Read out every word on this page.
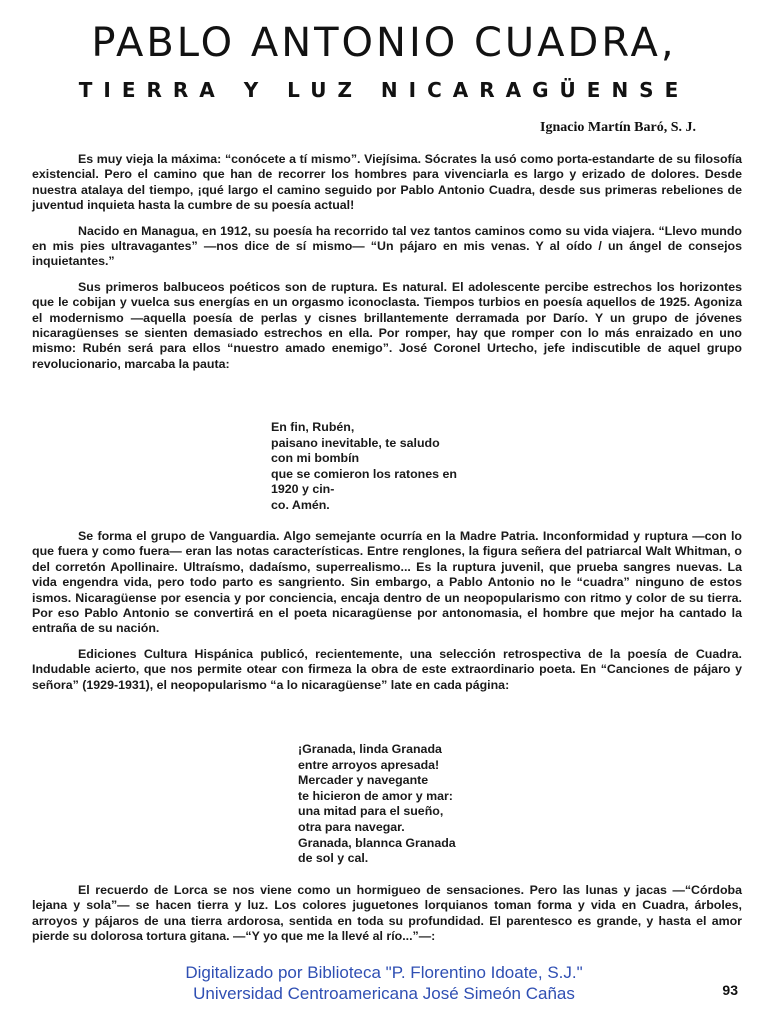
PABLO ANTONIO CUADRA,
TIERRA Y LUZ NICARAGÜENSE
Ignacio Martín Baró, S. J.

Es muy vieja la máxima: “conócete a tí mismo”. Viejísima. Sócrates la usó como porta-estandarte de su filosofía existencial. Pero el camino que han de recorrer los hombres para vivenciarla es largo y erizado de dolores. Desde nuestra atalaya del tiempo, ¡qué largo el camino seguido por Pablo Antonio Cuadra, desde sus primeras rebeliones de juventud inquieta hasta la cumbre de su poesía actual!

Nacido en Managua, en 1912, su poesía ha recorrido tal vez tantos caminos como su vida viajera. “Llevo mundo en mis pies ultravagantes” —nos dice de sí mismo— “Un pájaro en mis venas. Y al oído / un ángel de consejos inquietantes.”

Sus primeros balbuceos poéticos son de ruptura. Es natural. El adolescente percibe estrechos los horizontes que le cobijan y vuelca sus energías en un orgasmo iconoclasta. Tiempos turbios en poesía aquellos de 1925. Agoniza el modernismo —aquella poesía de perlas y cisnes brillantemente derramada por Darío. Y un grupo de jóvenes nicaragüenses se sienten demasiado estrechos en ella. Por romper, hay que romper con lo más enraizado en uno mismo: Rubén será para ellos “nuestro amado enemigo”. José Coronel Urtecho, jefe indiscutible de aquel grupo revolucionario, marcaba la pauta:

En fin, Rubén,
paisano inevitable, te saludo
con mi bombín
que se comieron los ratones en
1920 y cin-
co. Amén.

Se forma el grupo de Vanguardia. Algo semejante ocurría en la Madre Patria. Inconformidad y ruptura —con lo que fuera y como fuera— eran las notas características. Entre renglones, la figura señera del patriarcal Walt Whitman, o del corretón Apollinaire. Ultraísmo, dadaísmo, superrealismo... Es la ruptura juvenil, que prueba sangres nuevas. La vida engendra vida, pero todo parto es sangriento. Sin embargo, a Pablo Antonio no le “cuadra” ninguno de estos ismos. Nicaragüense por esencia y por conciencia, encaja dentro de un neopopularismo con ritmo y color de su tierra. Por eso Pablo Antonio se convertirá en el poeta nicaragüense por antonomasia, el hombre que mejor ha cantado la entraña de su nación.

Ediciones Cultura Hispánica publicó, recientemente, una selección retrospectiva de la poesía de Cuadra. Indudable acierto, que nos permite otear con firmeza la obra de este extraordinario poeta. En “Canciones de pájaro y señora” (1929-1931), el neopopularismo “a lo nicaragüense” late en cada página:

¡Granada, linda Granada
entre arroyos apresada!
Mercader y navegante
te hicieron de amor y mar:
una mitad para el sueño,
otra para navegar.
Granada, blannca Granada
de sol y cal.

El recuerdo de Lorca se nos viene como un hormigueo de sensaciones. Pero las lunas y jacas —“Córdoba lejana y sola”— se hacen tierra y luz. Los colores juguetones lorquianos toman forma y vida en Cuadra, árboles, arroyos y pájaros de una tierra ardorosa, sentida en toda su profundidad. El parentesco es grande, y hasta el amor pierde su dolorosa tortura gitana. —“Y yo que me la llevé al río...”—:

Digitalizado por Biblioteca "P. Florentino Idoate, S.J."
Universidad Centroamericana José Simeón Cañas	93
